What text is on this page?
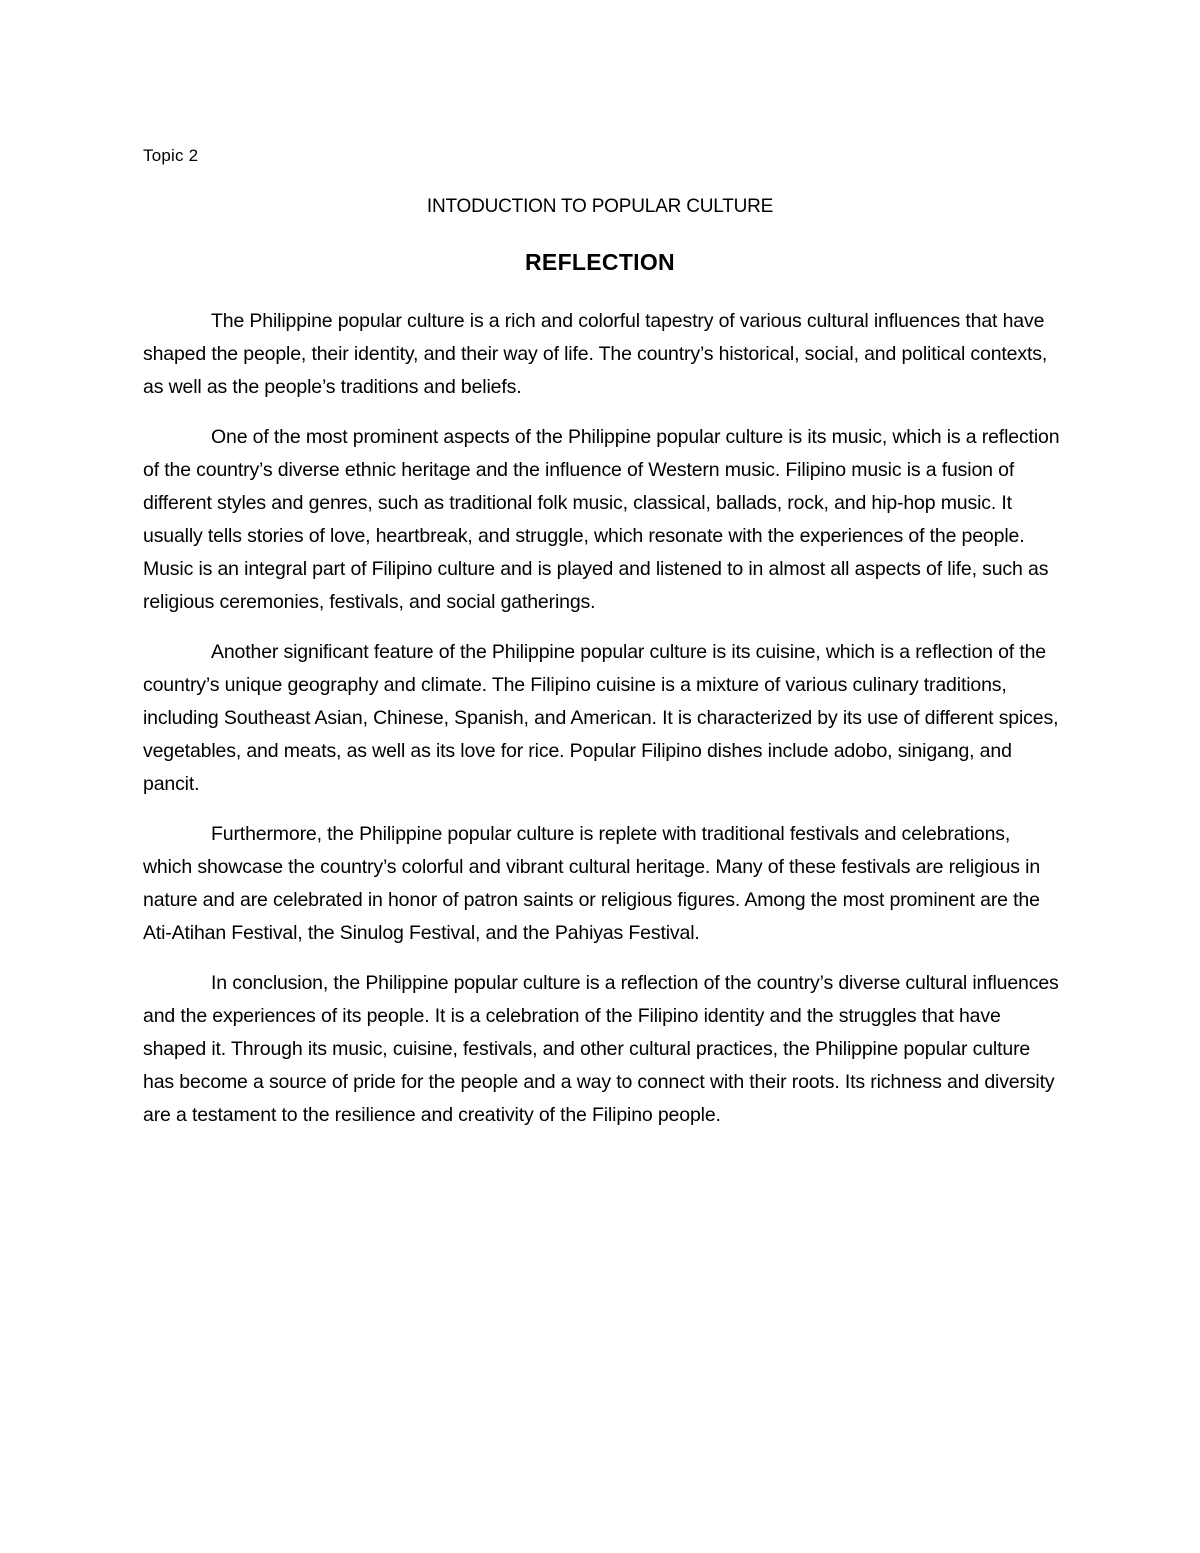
Topic 2
INTODUCTION TO POPULAR CULTURE
REFLECTION

The Philippine popular culture is a rich and colorful tapestry of various cultural influences that have shaped the people, their identity, and their way of life. The country’s historical, social, and political contexts, as well as the people’s traditions and beliefs.

One of the most prominent aspects of the Philippine popular culture is its music, which is a reflection of the country’s diverse ethnic heritage and the influence of Western music. Filipino music is a fusion of different styles and genres, such as traditional folk music, classical, ballads, rock, and hip-hop music. It usually tells stories of love, heartbreak, and struggle, which resonate with the experiences of the people. Music is an integral part of Filipino culture and is played and listened to in almost all aspects of life, such as religious ceremonies, festivals, and social gatherings.

Another significant feature of the Philippine popular culture is its cuisine, which is a reflection of the country’s unique geography and climate. The Filipino cuisine is a mixture of various culinary traditions, including Southeast Asian, Chinese, Spanish, and American. It is characterized by its use of different spices, vegetables, and meats, as well as its love for rice. Popular Filipino dishes include adobo, sinigang, and pancit.

Furthermore, the Philippine popular culture is replete with traditional festivals and celebrations, which showcase the country’s colorful and vibrant cultural heritage. Many of these festivals are religious in nature and are celebrated in honor of patron saints or religious figures. Among the most prominent are the Ati-Atihan Festival, the Sinulog Festival, and the Pahiyas Festival.

In conclusion, the Philippine popular culture is a reflection of the country’s diverse cultural influences and the experiences of its people. It is a celebration of the Filipino identity and the struggles that have shaped it. Through its music, cuisine, festivals, and other cultural practices, the Philippine popular culture has become a source of pride for the people and a way to connect with their roots. Its richness and diversity are a testament to the resilience and creativity of the Filipino people.
